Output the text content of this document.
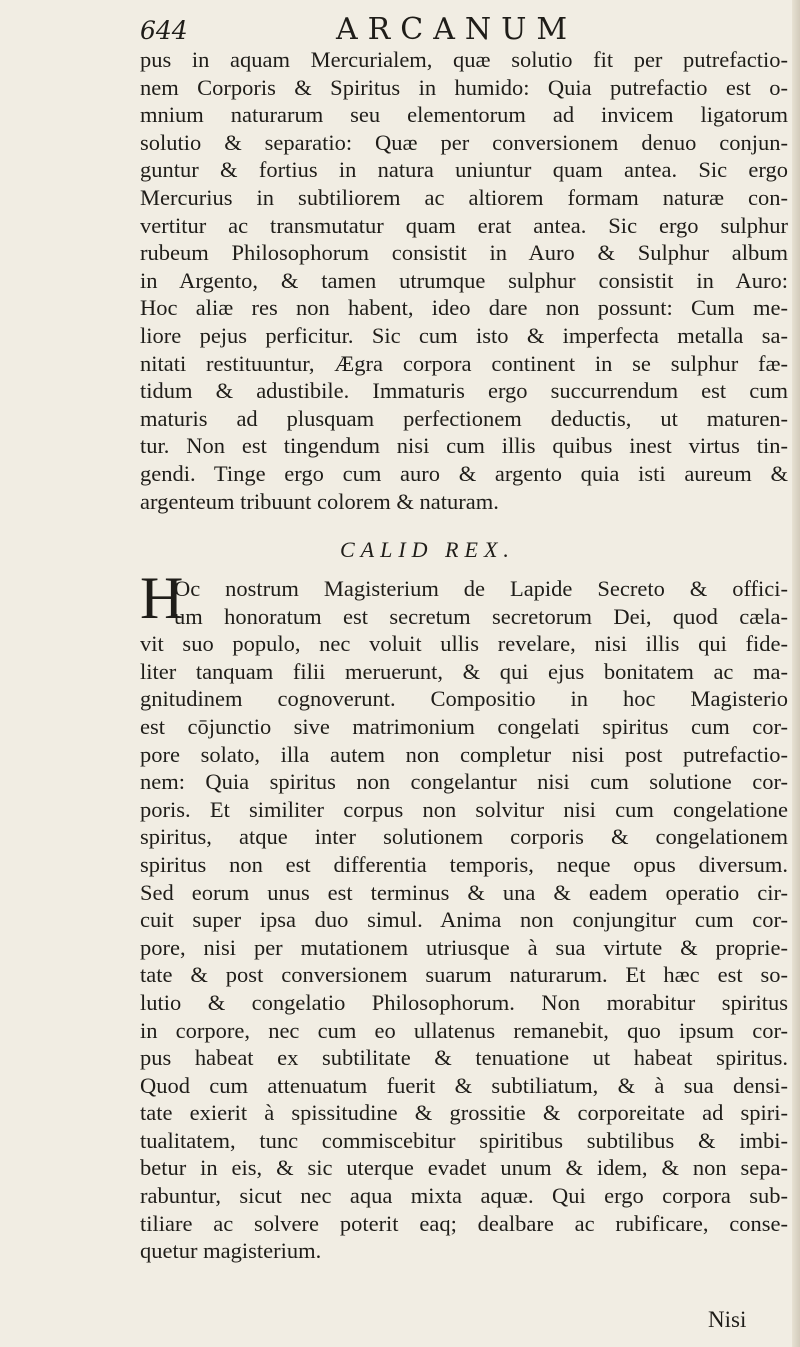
644	ARCANUM
pus in aquam Mercurialem, quæ solutio fit per putrefactio-
nem Corporis & Spiritus in humido: Quia putrefactio est o-
mnium naturarum seu elementorum ad invicem ligatorum
solutio & separatio: Quæ per conversionem denuo conjun-
guntur & fortius in natura uniuntur quam antea. Sic ergo
Mercurius in subtiliorem ac altiorem formam naturæ con-
vertitur ac transmutatur quam erat antea. Sic ergo sulphur
rubeum Philosophorum consistit in Auro & Sulphur album
in Argento, & tamen utrumque sulphur consistit in Auro:
Hoc aliæ res non habent, ideo dare non possunt: Cum me-
liore pejus perficitur. Sic cum isto & imperfecta metalla sa-
nitati restituuntur, Ægra corpora continent in se sulphur fæ-
tidum & adustibile. Immaturis ergo succurrendum est cum
maturis ad plusquam perfectionem deductis, ut maturen-
tur. Non est tingendum nisi cum illis quibus inest virtus tin-
gendi. Tinge ergo cum auro & argento quia isti aureum &
argenteum tribuunt colorem & naturam.
CALID REX.
H
Oc nostrum Magisterium de Lapide Secreto & offici-
um honoratum est secretum secretorum Dei, quod cæla-
vit suo populo, nec voluit ullis revelare, nisi illis qui fide-
liter tanquam filii meruerunt, & qui ejus bonitatem ac ma-
gnitudinem cognoverunt. Compositio in hoc Magisterio
est cōjunctio sive matrimonium congelati spiritus cum cor-
pore solato, illa autem non completur nisi post putrefactio-
nem: Quia spiritus non congelantur nisi cum solutione cor-
poris. Et similiter corpus non solvitur nisi cum congelatione
spiritus, atque inter solutionem corporis & congelationem
spiritus non est differentia temporis, neque opus diversum.
Sed eorum unus est terminus & una & eadem operatio cir-
cuit super ipsa duo simul. Anima non conjungitur cum cor-
pore, nisi per mutationem utriusque à sua virtute & proprie-
tate & post conversionem suarum naturarum. Et hæc est so-
lutio & congelatio Philosophorum. Non morabitur spiritus
in corpore, nec cum eo ullatenus remanebit, quo ipsum cor-
pus habeat ex subtilitate & tenuatione ut habeat spiritus.
Quod cum attenuatum fuerit & subtiliatum, & à sua densi-
tate exierit à spissitudine & grossitie & corporeitate ad spiri-
tualitatem, tunc commiscebitur spiritibus subtilibus & imbi-
betur in eis, & sic uterque evadet unum & idem, & non sepa-
rabuntur, sicut nec aqua mixta aquæ. Qui ergo corpora sub-
tiliare ac solvere poterit eaq; dealbare ac rubificare, conse-
quetur magisterium.
Nisi
